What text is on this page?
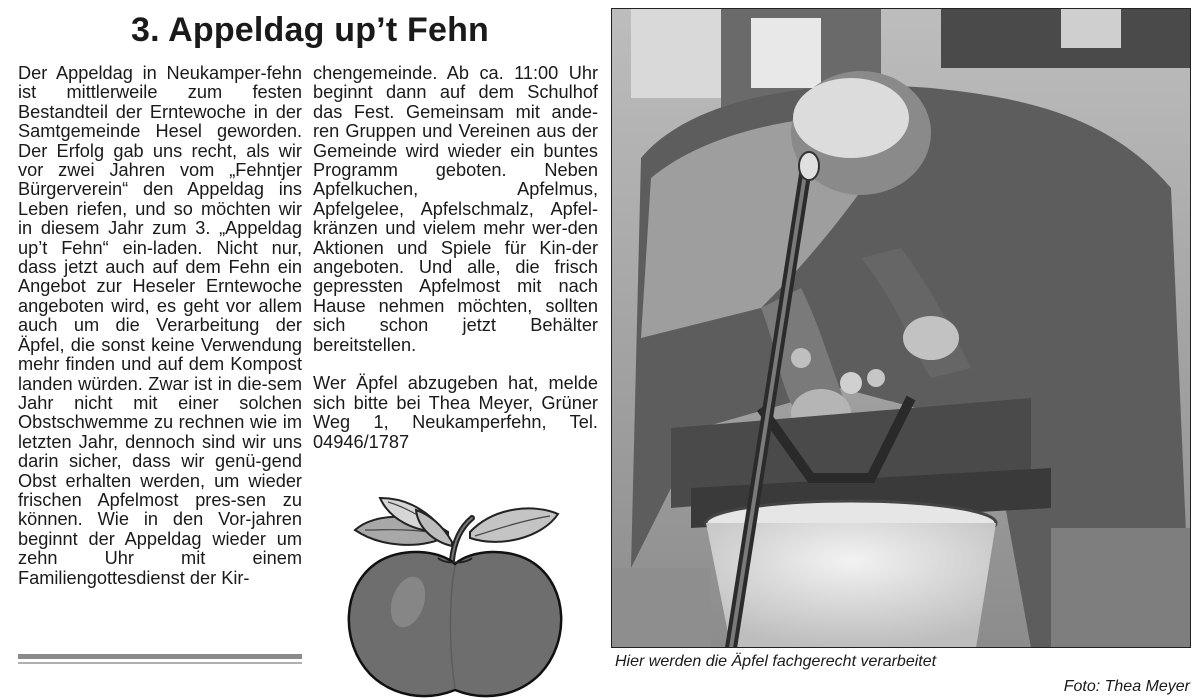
3. Appeldag up’t Fehn

Der Appeldag in Neukamper-fehn ist mittlerweile zum festen Bestandteil der Erntewoche in der Samtgemeinde Hesel geworden. Der Erfolg gab uns recht, als wir vor zwei Jahren vom „Fehntjer Bürgerverein“ den Appeldag ins Leben riefen, und so möchten wir in diesem Jahr zum 3. „Appeldag up’t Fehn“ ein-laden. Nicht nur, dass jetzt auch auf dem Fehn ein Angebot zur Heseler Erntewoche angeboten wird, es geht vor allem auch um die Verarbeitung der Äpfel, die sonst keine Verwendung mehr finden und auf dem Kompost landen würden. Zwar ist in die-sem Jahr nicht mit einer solchen Obstschwemme zu rechnen wie im letzten Jahr, dennoch sind wir uns darin sicher, dass wir genü-gend Obst erhalten werden, um wieder frischen Apfelmost pres-sen zu können. Wie in den Vor-jahren beginnt der Appeldag wieder um zehn Uhr mit einem Familiengottesdienst der Kir-

chengemeinde. Ab ca. 11:00 Uhr beginnt dann auf dem Schulhof das Fest. Gemeinsam mit ande-ren Gruppen und Vereinen aus der Gemeinde wird wieder ein buntes Programm geboten. Neben Apfelkuchen, Apfelmus, Apfelgelee, Apfelschmalz, Apfel-kränzen und vielem mehr wer-den Aktionen und Spiele für Kin-der angeboten. Und alle, die frisch gepressten Apfelmost mit nach Hause nehmen möchten, sollten sich schon jetzt Behälter bereitstellen.

Wer Äpfel abzugeben hat, melde sich bitte bei Thea Meyer, Grüner Weg 1, Neukamperfehn, Tel. 04946/1787

Hier werden die Äpfel fachgerecht verarbeitet

Foto: Thea Meyer
